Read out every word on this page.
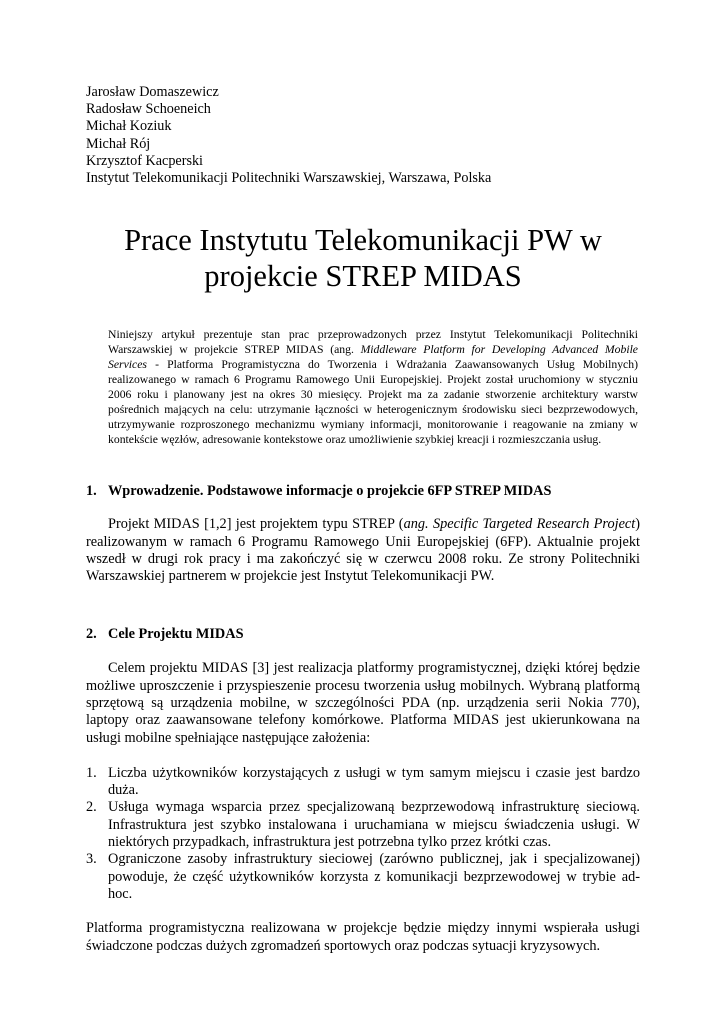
Jarosław Domaszewicz
Radosław Schoeneich
Michał Koziuk
Michał Rój
Krzysztof Kacperski
Instytut Telekomunikacji Politechniki Warszawskiej, Warszawa, Polska
Prace Instytutu Telekomunikacji PW w
projekcie STREP MIDAS
Niniejszy artykuł prezentuje stan prac przeprowadzonych przez Instytut Telekomunikacji Politechniki Warszawskiej w projekcie STREP MIDAS (ang. Middleware Platform for Developing Advanced Mobile Services - Platforma Programistyczna do Tworzenia i Wdrażania Zaawansowanych Usług Mobilnych) realizowanego w ramach 6 Programu Ramowego Unii Europejskiej. Projekt został uruchomiony w styczniu 2006 roku i planowany jest na okres 30 miesięcy. Projekt ma za zadanie stworzenie architektury warstw pośrednich mających na celu: utrzymanie łączności w heterogenicznym środowisku sieci bezprzewodowych, utrzymywanie rozproszonego mechanizmu wymiany informacji, monitorowanie i reagowanie na zmiany w kontekście węzłów, adresowanie kontekstowe oraz umożliwienie szybkiej kreacji i rozmieszczania usług.
1. Wprowadzenie. Podstawowe informacje o projekcie 6FP STREP MIDAS

Projekt MIDAS [1,2] jest projektem typu STREP (ang. Specific Targeted Research Project) realizowanym w ramach 6 Programu Ramowego Unii Europejskiej (6FP). Aktualnie projekt wszedł w drugi rok pracy i ma zakończyć się w czerwcu 2008 roku. Ze strony Politechniki Warszawskiej partnerem w projekcie jest Instytut Telekomunikacji PW.

2. Cele Projektu MIDAS

Celem projektu MIDAS [3] jest realizacja platformy programistycznej, dzięki której będzie możliwe uproszczenie i przyspieszenie procesu tworzenia usług mobilnych. Wybraną platformą sprzętową są urządzenia mobilne, w szczególności PDA (np. urządzenia serii Nokia 770), laptopy oraz zaawansowane telefony komórkowe. Platforma MIDAS jest ukierunkowana na usługi mobilne spełniające następujące założenia:

1. Liczba użytkowników korzystających z usługi w tym samym miejscu i czasie jest bardzo duża.
2. Usługa wymaga wsparcia przez specjalizowaną bezprzewodową infrastrukturę sieciową. Infrastruktura jest szybko instalowana i uruchamiana w miejscu świadczenia usługi. W niektórych przypadkach, infrastruktura jest potrzebna tylko przez krótki czas.
3. Ograniczone zasoby infrastruktury sieciowej (zarówno publicznej, jak i specjalizowanej) powoduje, że część użytkowników korzysta z komunikacji bezprzewodowej w trybie ad-hoc.

Platforma programistyczna realizowana w projekcje będzie między innymi wspierała usługi świadczone podczas dużych zgromadzeń sportowych oraz podczas sytuacji kryzysowych.
